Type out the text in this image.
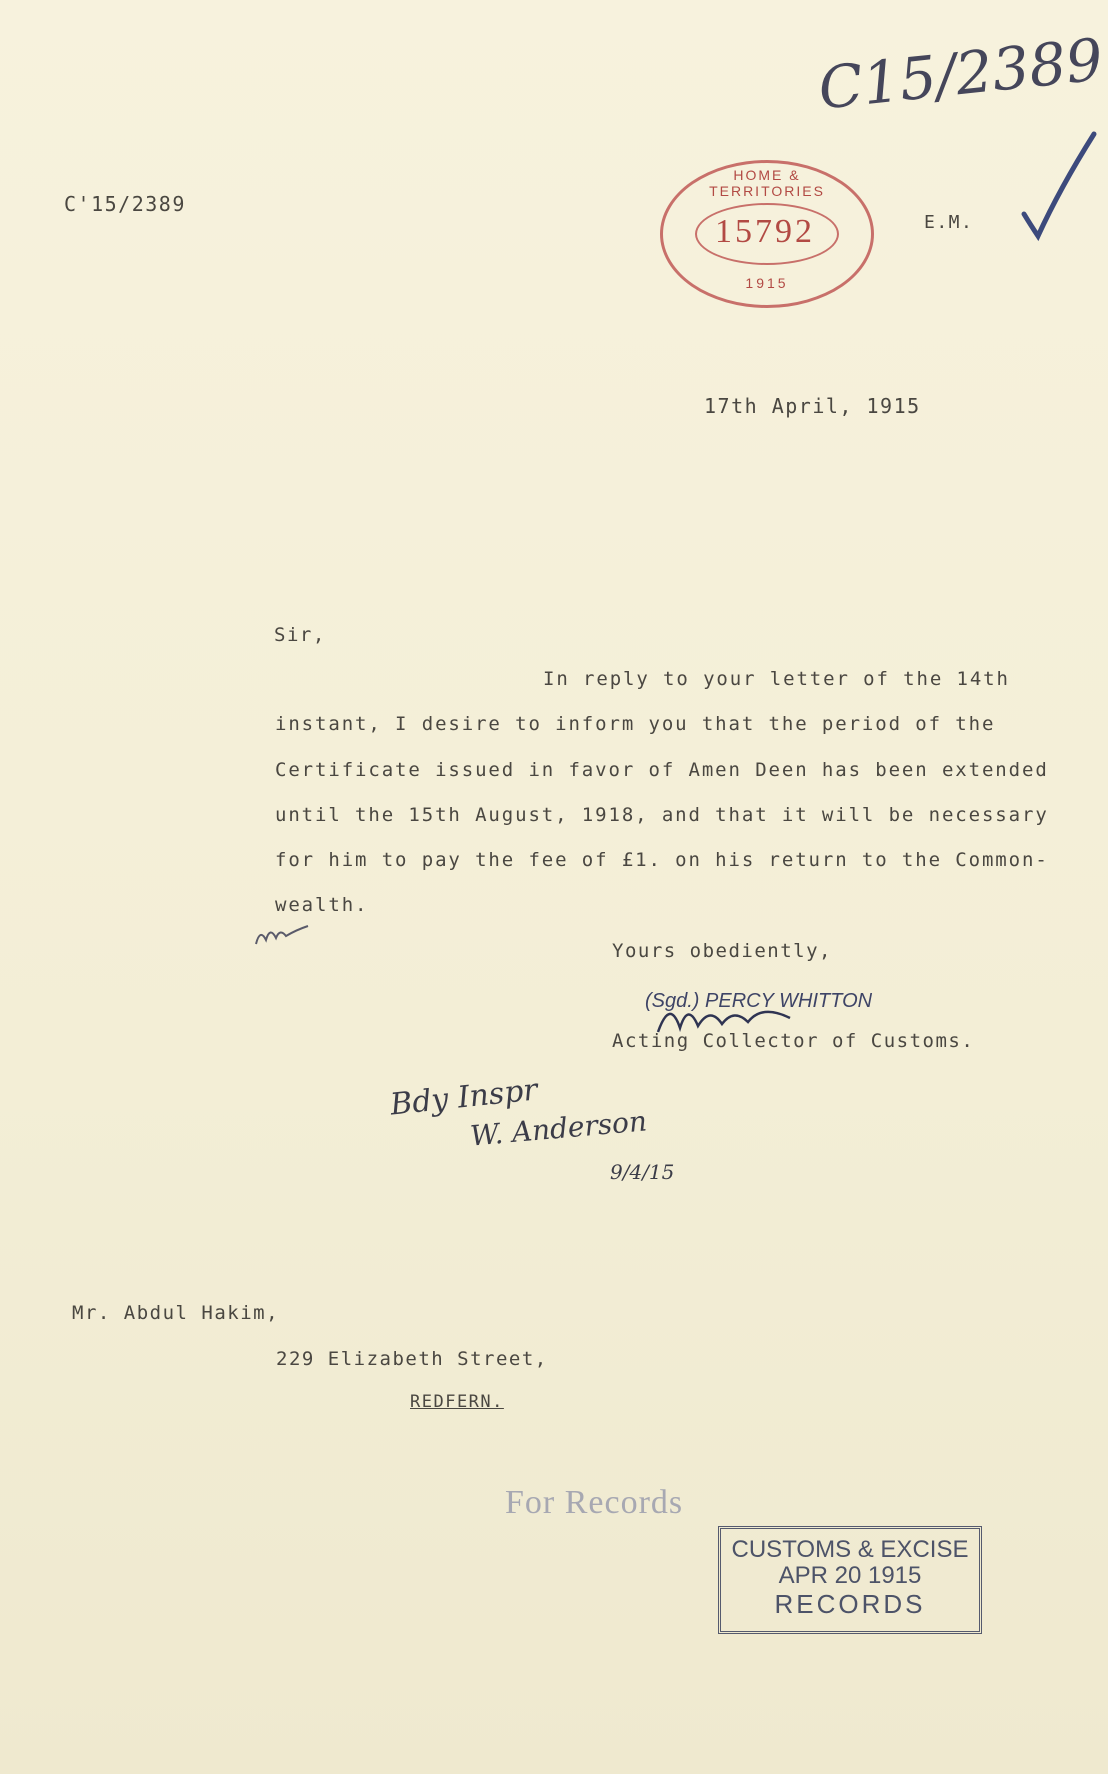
C'15/2389
C15/2389
HOME & TERRITORIES
15792
1915
E.M.
17th April, 1915
Sir,
In reply to your letter of the 14th
instant, I desire to inform you that the period of the
Certificate issued in favor of Amen Deen has been extended
until the 15th August, 1918, and that it will be necessary
for him to pay the fee of £1. on his return to the Common-
wealth.
Yours obediently,
(Sgd.) PERCY WHITTON
Acting Collector of Customs.
Bdy Inspr
W. Anderson
9/4/15
Mr. Abdul Hakim,
229 Elizabeth Street,
REDFERN.
For Records
CUSTOMS & EXCISE
APR 20 1915
RECORDS
